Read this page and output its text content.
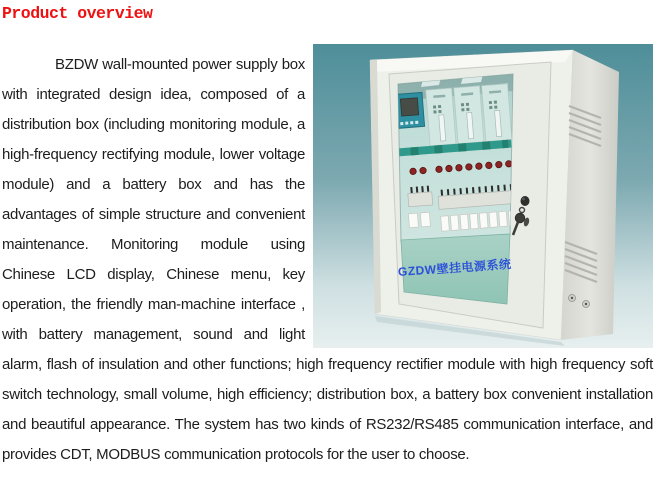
Product overview
GZDW壁挂电源系统

BZDW wall-mounted power supply box with integrated design idea, composed of a distribution box (including monitoring module, a high-frequency rectifying module, lower voltage module) and a battery box and has the advantages of simple structure and convenient maintenance. Monitoring module using Chinese LCD display, Chinese menu, key operation, the friendly man-machine interface , with battery management, sound and light alarm, flash of insulation and other functions; high frequency rectifier module with high frequency soft switch technology, small volume, high efficiency; distribution box, a battery box convenient installation and beautiful appearance. The system has two kinds of RS232/RS485 communication interface, and provides CDT, MODBUS communication protocols for the user to choose.
